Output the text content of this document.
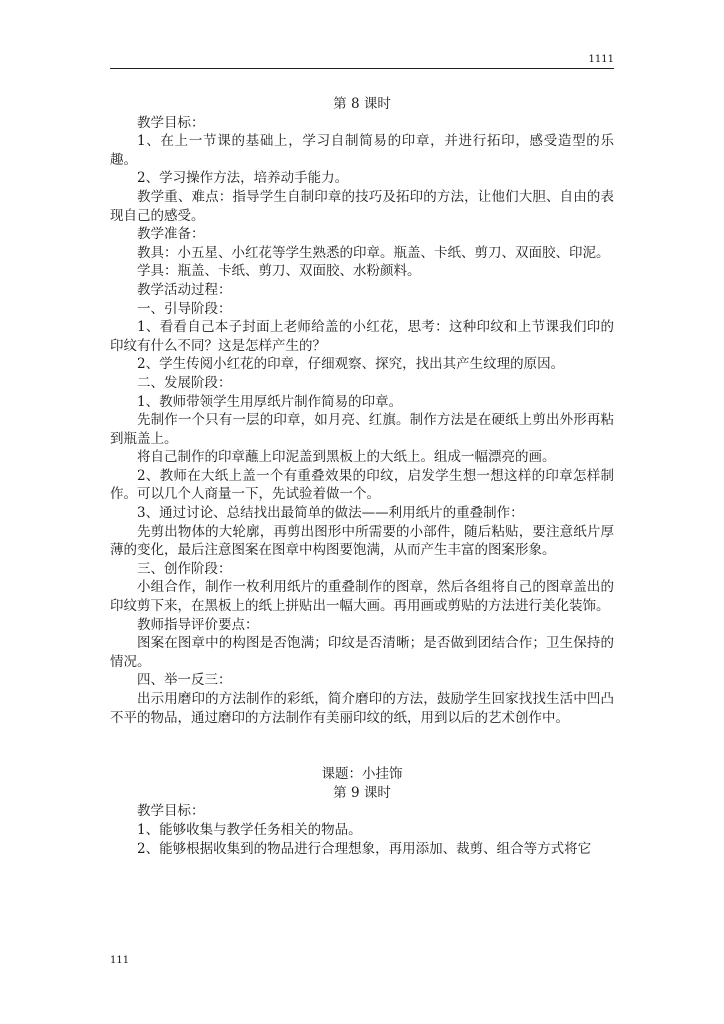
1111

第 8 课时

教学目标：

1、在上一节课的基础上，学习自制简易的印章，并进行拓印，感受造型的乐趣。

2、学习操作方法，培养动手能力。

教学重、难点：指导学生自制印章的技巧及拓印的方法，让他们大胆、自由的表现自己的感受。

教学准备：

教具：小五星、小红花等学生熟悉的印章。瓶盖、卡纸、剪刀、双面胶、印泥。

学具：瓶盖、卡纸、剪刀、双面胶、水粉颜料。

教学活动过程：

一、引导阶段：

1、看看自己本子封面上老师给盖的小红花，思考：这种印纹和上节课我们印的印纹有什么不同？这是怎样产生的？

2、学生传阅小红花的印章，仔细观察、探究，找出其产生纹理的原因。

二、发展阶段：

1、教师带领学生用厚纸片制作简易的印章。

先制作一个只有一层的印章，如月亮、红旗。制作方法是在硬纸上剪出外形再粘到瓶盖上。

将自己制作的印章蘸上印泥盖到黑板上的大纸上。组成一幅漂亮的画。

2、教师在大纸上盖一个有重叠效果的印纹，启发学生想一想这样的印章怎样制作。可以几个人商量一下，先试验着做一个。

3、通过讨论、总结找出最简单的做法——利用纸片的重叠制作：

先剪出物体的大轮廓，再剪出图形中所需要的小部件，随后粘贴，要注意纸片厚薄的变化，最后注意图案在图章中构图要饱满，从而产生丰富的图案形象。

三、创作阶段：

小组合作，制作一枚利用纸片的重叠制作的图章，然后各组将自己的图章盖出的印纹剪下来，在黑板上的纸上拼贴出一幅大画。再用画或剪贴的方法进行美化装饰。

教师指导评价要点：

图案在图章中的构图是否饱满；印纹是否清晰；是否做到团结合作；卫生保持的情况。

四、举一反三：

出示用磨印的方法制作的彩纸，简介磨印的方法，鼓励学生回家找找生活中凹凸不平的物品，通过磨印的方法制作有美丽印纹的纸，用到以后的艺术创作中。

课题：小挂饰

第 9 课时

教学目标：

1、能够收集与教学任务相关的物品。

2、能够根据收集到的物品进行合理想象，再用添加、裁剪、组合等方式将它

111
